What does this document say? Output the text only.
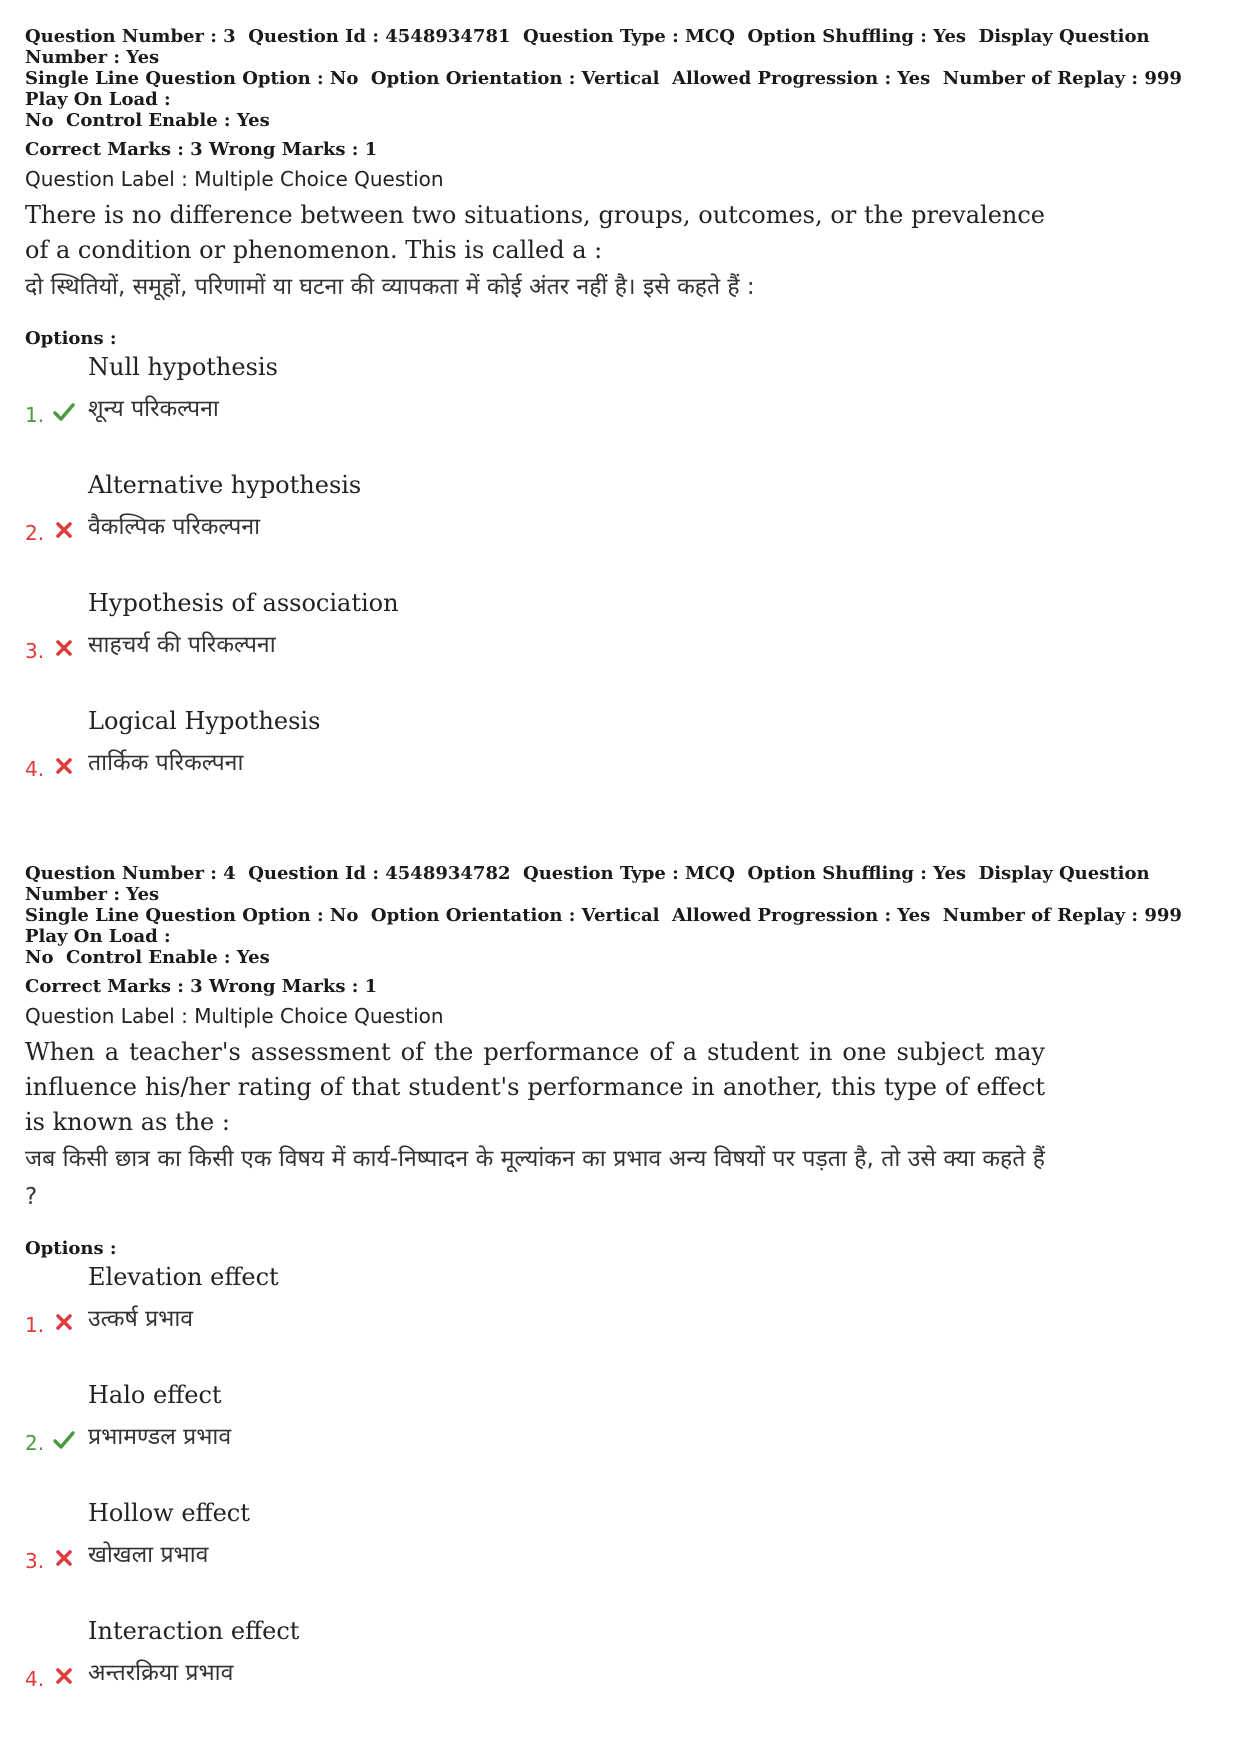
Question Number : 3  Question Id : 4548934781  Question Type : MCQ  Option Shuffling : Yes  Display Question Number : Yes
Single Line Question Option : No  Option Orientation : Vertical  Allowed Progression : Yes  Number of Replay : 999  Play On Load :
No  Control Enable : Yes
Correct Marks : 3 Wrong Marks : 1
Question Label : Multiple Choice Question
There is no difference between two situations, groups, outcomes, or the prevalence of a condition or phenomenon. This is called a :
दो स्थितियों, समूहों, परिणामों या घटना की व्यापकता में कोई अंतर नहीं है। इसे कहते हैं :
Options :
1.
Null hypothesis
शून्य परिकल्पना
2.
Alternative hypothesis
वैकल्पिक परिकल्पना
3.
Hypothesis of association
साहचर्य की परिकल्पना
4.
Logical Hypothesis
तार्किक परिकल्पना
Question Number : 4  Question Id : 4548934782  Question Type : MCQ  Option Shuffling : Yes  Display Question Number : Yes
Single Line Question Option : No  Option Orientation : Vertical  Allowed Progression : Yes  Number of Replay : 999  Play On Load :
No  Control Enable : Yes
Correct Marks : 3 Wrong Marks : 1
Question Label : Multiple Choice Question
When a teacher's assessment of the performance of a student in one subject may influence his/her rating of that student's performance in another, this type of effect is known as the :
जब किसी छात्र का किसी एक विषय में कार्य-निष्पादन के मूल्यांकन का प्रभाव अन्य विषयों पर पड़ता है, तो उसे क्या कहते हैं ?
Options :
1.
Elevation effect
उत्कर्ष प्रभाव
2.
Halo effect
प्रभामण्डल प्रभाव
3.
Hollow effect
खोखला प्रभाव
4.
Interaction effect
अन्तरक्रिया प्रभाव
